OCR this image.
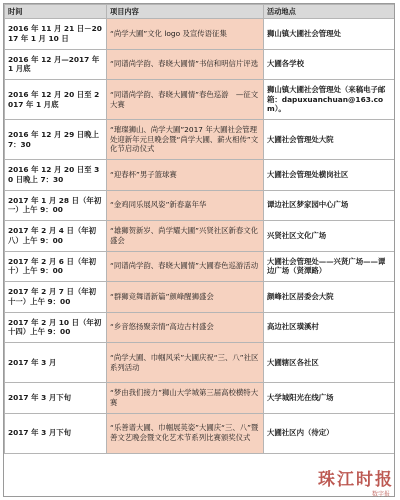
时间	项目内容	活动地点
2016 年 11 月 21 日－2017 年 1 月 10 日	“尚学大圃”文化 logo 及宣传语征集	狮山镇大圃社会管理处
2016 年 12 月—2017 年 1 月底	“同谱尚学韵、春晓大圃情”书信和明信片评选	大圃各学校
2016 年 12 月 20 日至 2017 年 1 月底	“同谱尚学韵、春晓大圃情”春色巡游　—征文大赛	狮山镇大圃社会管理处（来稿电子邮箱：dapuxuanchuan@163.com）。
2016 年 12 月 29 日晚上 7：30	“璀璨狮山、尚学大圃”2017 年大圃社会管理处迎新年元旦晚会暨“尚学大圃、薪火相传”文化节启动仪式	大圃社会管理处大院
2016 年 12 月 20 日至 30 日晚上 7：30	“迎春杯”男子篮球赛	大圃社会管理处横岗社区
2017 年 1 月 28 日（年初一）上午 9：00	“金鸡同乐展风姿”新春嘉年华	谭边社区梦家园中心广场
2017 年 2 月 4 日（年初八）上午 9：00	“雄狮贺新岁、尚学耀大圃”兴贤社区新春文化盛会	兴贤社区文化广场
2017 年 2 月 6 日（年初十）上午 9：00	“同谱尚学韵、春晓大圃情”大圃春色巡游活动	大圃社会管理处——兴贤广场——谭边广场（贤潭路）
2017 年 2 月 7 日（年初十一）上午 9：00	“群狮竞舞谱新篇”颜峰醒狮盛会	颜峰社区居委会大院
2017 年 2 月 10 日（年初十四）上午 9：00	“乡音悠扬聚亲情”高边古村盛会	高边社区璜溪村
2017 年 3 月	“尚学大圃、巾帼风采”大圃庆祝“三、八”社区系列活动	大圃辖区各社区
2017 年 3 月下旬	“梦由我们接力”狮山大学城第三届高校横特大赛	大学城阳光在线广场
2017 年 3 月下旬	“乐善谱大圃、巾帼展英姿”大圃庆“三、八”暨善文艺晚会暨文化艺术节系列比赛颁奖仪式	大圃社区内（待定）
珠江时报
数字报
